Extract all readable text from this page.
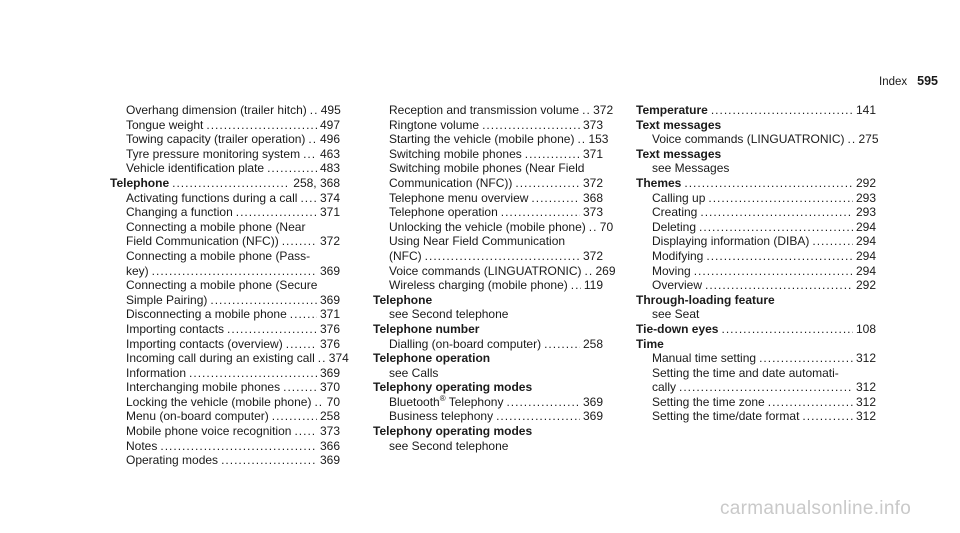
Index 595
Overhang dimension (trailer hitch) ..... 495
Tongue weight .....	497
Towing capacity (trailer operation) ..... 496
Tyre pressure monitoring system ..... 463
Vehicle identification plate .....	483
Telephone .....	258, 368
Activating functions during a call ..... 374
Changing a function .....	371
Connecting a mobile phone (Near
Field Communication (NFC)) .....	372
Connecting a mobile phone (Pass-
key) .....	369
Connecting a mobile phone (Secure
Simple Pairing) .....	369
Disconnecting a mobile phone .....	371
Importing contacts .....	376
Importing contacts (overview) .....	376
Incoming call during an existing call ..... 374
Information .....	369
Interchanging mobile phones .....	370
Locking the vehicle (mobile phone) ..... 70
Menu (on-board computer) .....	258
Mobile phone voice recognition ..... 373
Notes .....	366
Operating modes .....	369
Reception and transmission volume ..... 372
Ringtone volume .....	373
Starting the vehicle (mobile phone) ..... 153
Switching mobile phones .....	371
Switching mobile phones (Near Field
Communication (NFC)) .....	372
Telephone menu overview .....	368
Telephone operation .....	373
Unlocking the vehicle (mobile phone) ..... 70
Using Near Field Communication
(NFC) .....	372
Voice commands (LINGUATRONIC) ..... 269
Wireless charging (mobile phone) ..... 119
Telephone
see Second telephone
Telephone number
Dialling (on-board computer) .....	258
Telephone operation
see Calls
Telephony operating modes
Bluetooth® Telephony .....	369
Business telephony .....	369
Telephony operating modes
see Second telephone
Temperature .....	141
Text messages
Voice commands (LINGUATRONIC) ..... 275
Text messages
see Messages
Themes .....	292
Calling up .....	293
Creating .....	293
Deleting .....	294
Displaying information (DIBA) .....	294
Modifying .....	294
Moving .....	294
Overview .....	292
Through-loading feature
see Seat
Tie-down eyes .....	108
Time
Manual time setting .....	312
Setting the time and date automati-
cally .....	312
Setting the time zone .....	312
Setting the time/date format .....	312
carmanualsonline.info
